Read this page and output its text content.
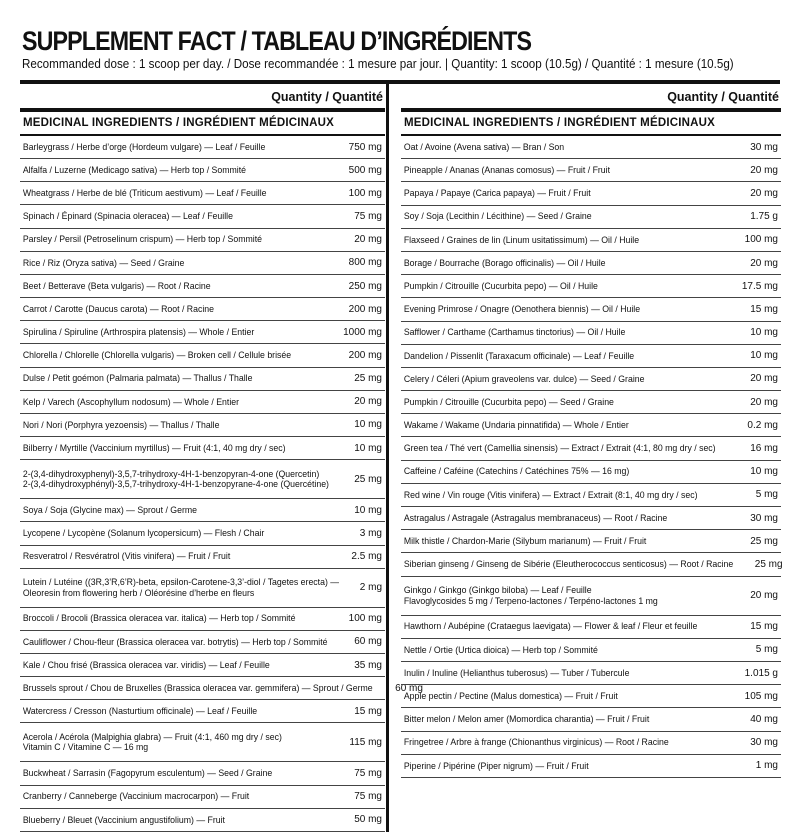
SUPPLEMENT FACT / TABLEAU D’INGRÉDIENTS

Recommanded dose : 1 scoop per day. / Dose recommandée : 1 mesure par jour. | Quantity: 1 scoop (10.5g) / Quantité : 1 mesure (10.5g)

Quantity / Quantité
MEDICINAL INGREDIENTS / INGRÉDIENT MÉDICINAUX
Barleygrass / Herbe d’orge (Hordeum vulgare) — Leaf / Feuille	750 mg
Alfalfa / Luzerne (Medicago sativa) — Herb top / Sommité	500 mg
Wheatgrass / Herbe de blé (Triticum aestivum) — Leaf / Feuille	100 mg
Spinach / Épinard (Spinacia oleracea) — Leaf / Feuille	75 mg
Parsley / Persil (Petroselinum crispum) — Herb top / Sommité	20 mg
Rice / Riz (Oryza sativa) — Seed / Graine	800 mg
Beet / Betterave (Beta vulgaris) — Root / Racine	250 mg
Carrot / Carotte (Daucus carota) — Root / Racine	200 mg
Spirulina / Spiruline (Arthrospira platensis) — Whole / Entier	1000 mg
Chlorella / Chlorelle (Chlorella vulgaris) — Broken cell / Cellule brisée	200 mg
Dulse / Petit goémon (Palmaria palmata) — Thallus / Thalle	25 mg
Kelp / Varech (Ascophyllum nodosum) — Whole / Entier	20 mg
Nori / Nori (Porphyra yezoensis) — Thallus / Thalle	10 mg
Bilberry / Myrtille (Vaccinium myrtillus) — Fruit (4:1, 40 mg dry / sec)	10 mg
2-(3,4-dihydroxyphenyl)-3,5,7-trihydroxy-4H-1-benzopyran-4-one (Quercetin)
2-(3,4-dihydroxyphényl)-3,5,7-trihydroxy-4H-1-benzopyrane-4-one (Quercétine)	25 mg
Soya / Soja (Glycine max) — Sprout / Germe	10 mg
Lycopene / Lycopène (Solanum lycopersicum) — Flesh / Chair	3 mg
Resveratrol / Resvératrol (Vitis vinifera) — Fruit / Fruit	2.5 mg
Lutein / Lutéine ((3R,3’R,6’R)-beta, epsilon-Carotene-3,3’-diol / Tagetes erecta) —
Oleoresin from flowering herb / Oléorésine d’herbe en fleurs	2 mg
Broccoli / Brocoli (Brassica oleracea var. italica) — Herb top / Sommité	100 mg
Cauliflower / Chou-fleur (Brassica oleracea var. botrytis) — Herb top / Sommité	60 mg
Kale / Chou frisé (Brassica oleracea var. viridis) — Leaf / Feuille	35 mg
Brussels sprout / Chou de Bruxelles (Brassica oleracea var. gemmifera) — Sprout / Germe	60 mg
Watercress / Cresson (Nasturtium officinale) — Leaf / Feuille	15 mg
Acerola / Acérola (Malpighia glabra) — Fruit (4:1, 460 mg dry / sec)
Vitamin C / Vitamine C — 16 mg	115 mg
Buckwheat / Sarrasin (Fagopyrum esculentum) — Seed / Graine	75 mg
Cranberry / Canneberge (Vaccinium macrocarpon) — Fruit	75 mg
Blueberry / Bleuet (Vaccinium angustifolium) — Fruit	50 mg
Quantity / Quantité
MEDICINAL INGREDIENTS / INGRÉDIENT MÉDICINAUX
Oat / Avoine (Avena sativa) — Bran / Son	30 mg
Pineapple / Ananas (Ananas comosus) — Fruit / Fruit	20 mg
Papaya / Papaye (Carica papaya) — Fruit / Fruit	20 mg
Soy / Soja (Lecithin / Lécithine) — Seed / Graine	1.75 g
Flaxseed / Graines de lin (Linum usitatissimum) — Oil / Huile	100 mg
Borage / Bourrache (Borago officinalis) — Oil / Huile	20 mg
Pumpkin / Citrouille (Cucurbita pepo) — Oil / Huile	17.5 mg
Evening Primrose / Onagre (Oenothera biennis) — Oil / Huile	15 mg
Safflower / Carthame (Carthamus tinctorius) — Oil / Huile	10 mg
Dandelion / Pissenlit (Taraxacum officinale) — Leaf / Feuille	10 mg
Celery / Céleri (Apium graveolens var. dulce) — Seed / Graine	20 mg
Pumpkin / Citrouille (Cucurbita pepo) — Seed / Graine	20 mg
Wakame / Wakame (Undaria pinnatifida) — Whole / Entier	0.2 mg
Green tea / Thé vert (Camellia sinensis) — Extract / Extrait (4:1, 80 mg dry / sec)	16 mg
Caffeine / Caféine (Catechins / Catéchines 75% — 16 mg)	10 mg
Red wine / Vin rouge (Vitis vinifera) — Extract / Extrait (8:1, 40 mg dry / sec)	5 mg
Astragalus / Astragale (Astragalus membranaceus) — Root / Racine	30 mg
Milk thistle / Chardon-Marie (Silybum marianum) — Fruit / Fruit	25 mg
Siberian ginseng / Ginseng de Sibérie (Eleutherococcus senticosus) — Root / Racine	25 mg
Ginkgo / Ginkgo (Ginkgo biloba) — Leaf / Feuille
Flavoglycosides 5 mg / Terpeno-lactones / Terpéno-lactones 1 mg	20 mg
Hawthorn / Aubépine (Crataegus laevigata) — Flower & leaf / Fleur et feuille	15 mg
Nettle / Ortie (Urtica dioica) — Herb top / Sommité	5 mg
Inulin / Inuline (Helianthus tuberosus) — Tuber / Tubercule	1.015 g
Apple pectin / Pectine (Malus domestica) — Fruit / Fruit	105 mg
Bitter melon / Melon amer (Momordica charantia) — Fruit / Fruit	40 mg
Fringetree / Arbre à frange (Chionanthus virginicus) — Root / Racine	30 mg
Piperine / Pipérine (Piper nigrum) — Fruit / Fruit	1 mg
